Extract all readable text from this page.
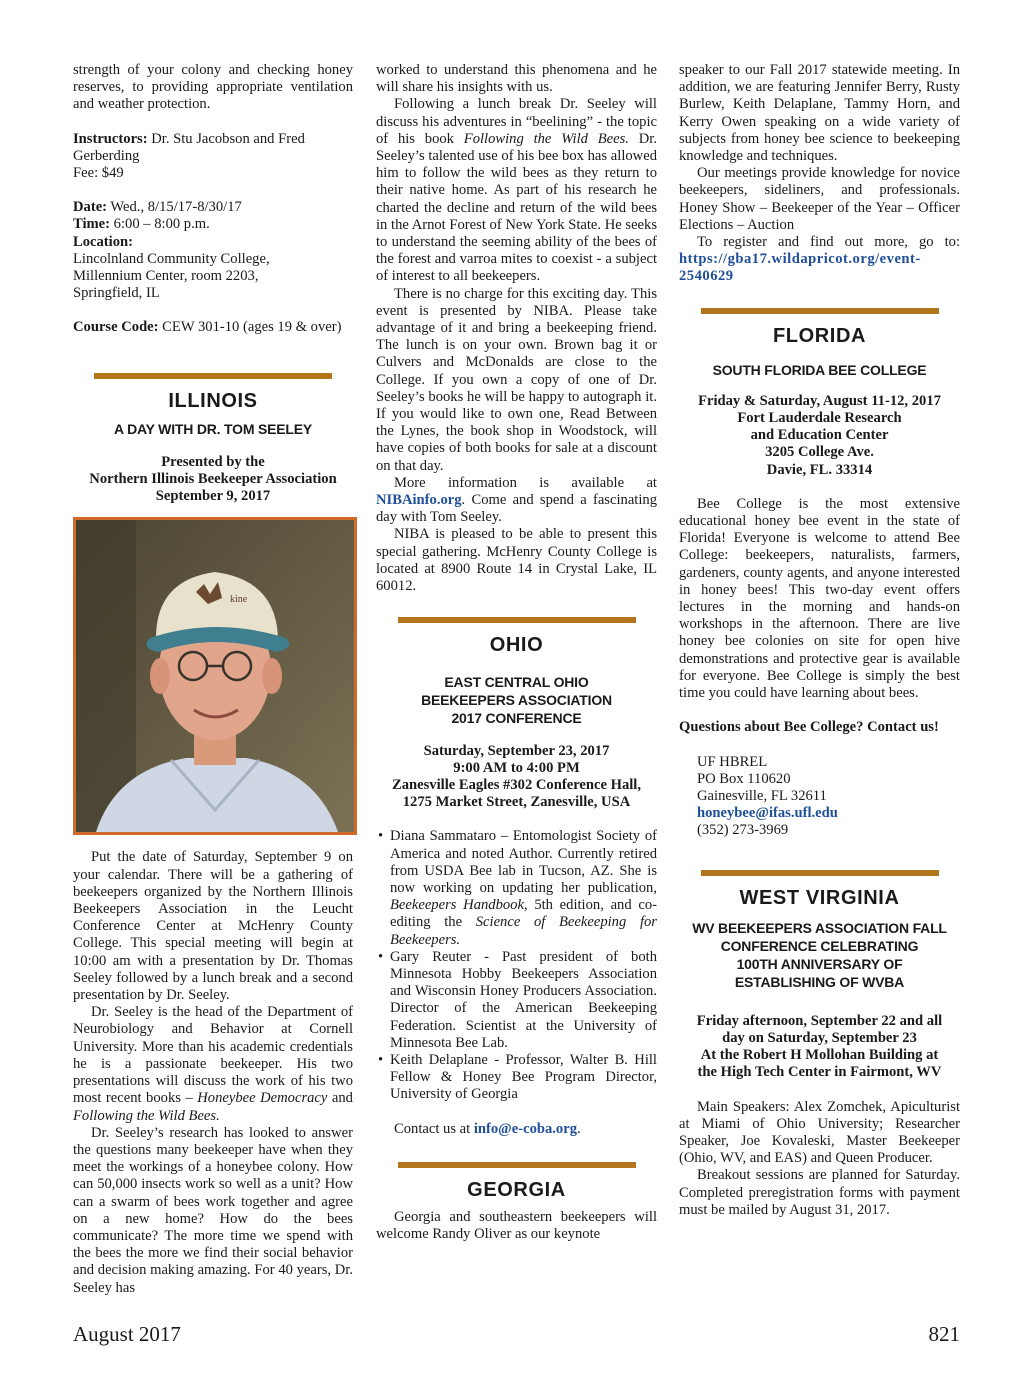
strength of your colony and checking honey reserves, to providing appropriate ventilation and weather protection.

Instructors: Dr. Stu Jacobson and Fred Gerberding

Fee: $49

Date: Wed., 8/15/17-8/30/17

Time: 6:00 – 8:00 p.m.

Location:

Lincolnland Community College,

Millennium Center, room 2203,

Springfield, IL

Course Code: CEW 301-10 (ages 19 & over)

ILLINOIS
A DAY WITH DR. TOM SEELEY
Presented by the
Northern Illinois Beekeeper Association
September 9, 2017
kine

Put the date of Saturday, September 9 on your calendar. There will be a gathering of beekeepers organized by the Northern Illinois Beekeepers Association in the Leucht Conference Center at McHenry County College. This special meeting will begin at 10:00 am with a presentation by Dr. Thomas Seeley followed by a lunch break and a second presentation by Dr. Seeley.

Dr. Seeley is the head of the Department of Neurobiology and Behavior at Cornell University. More than his academic credentials he is a passionate beekeeper. His two presentations will discuss the work of his two most recent books – Honeybee Democracy and Following the Wild Bees.

Dr. Seeley’s research has looked to answer the questions many beekeeper have when they meet the workings of a honeybee colony. How can 50,000 insects work so well as a unit? How can a swarm of bees work together and agree on a new home? How do the bees communicate? The more time we spend with the bees the more we find their social behavior and decision making amazing. For 40 years, Dr. Seeley has

worked to understand this phenomena and he will share his insights with us.

Following a lunch break Dr. Seeley will discuss his adventures in “beelining” - the topic of his book Following the Wild Bees. Dr. Seeley’s talented use of his bee box has allowed him to follow the wild bees as they return to their native home. As part of his research he charted the decline and return of the wild bees in the Arnot Forest of New York State. He seeks to understand the seeming ability of the bees of the forest and varroa mites to coexist - a subject of interest to all beekeepers.

There is no charge for this exciting day. This event is presented by NIBA. Please take advantage of it and bring a beekeeping friend. The lunch is on your own. Brown bag it or Culvers and McDonalds are close to the College. If you own a copy of one of Dr. Seeley’s books he will be happy to autograph it. If you would like to own one, Read Between the Lynes, the book shop in Woodstock, will have copies of both books for sale at a discount on that day.

More information is available at NIBAinfo.org. Come and spend a fascinating day with Tom Seeley.

NIBA is pleased to be able to present this special gathering. McHenry County College is located at 8900 Route 14 in Crystal Lake, IL 60012.

OHIO
EAST CENTRAL OHIO
BEEKEEPERS ASSOCIATION
2017 CONFERENCE
Saturday, September 23, 2017
9:00 AM to 4:00 PM
Zanesville Eagles #302 Conference Hall,
1275 Market Street, Zanesville, USA
• Diana Sammataro – Entomologist Society of America and noted Author. Currently retired from USDA Bee lab in Tucson, AZ. She is now working on updating her publication, Beekeepers Handbook, 5th edition, and co-editing the Science of Beekeeping for Beekeepers.
• Gary Reuter - Past president of both Minnesota Hobby Beekeepers Association and Wisconsin Honey Producers Association. Director of the American Beekeeping Federation. Scientist at the University of Minnesota Bee Lab.
• Keith Delaplane - Professor, Walter B. Hill Fellow & Honey Bee Program Director, University of Georgia

Contact us at info@e-coba.org.

GEORGIA

Georgia and southeastern beekeepers will welcome Randy Oliver as our keynote

speaker to our Fall 2017 statewide meeting. In addition, we are featuring Jennifer Berry, Rusty Burlew, Keith Delaplane, Tammy Horn, and Kerry Owen speaking on a wide variety of subjects from honey bee science to beekeeping knowledge and techniques.

Our meetings provide knowledge for novice beekeepers, sideliners, and professionals. Honey Show – Beekeeper of the Year – Officer Elections – Auction

To register and find out more, go to: https://gba17.wildapricot.org/event-2540629

FLORIDA
SOUTH FLORIDA BEE COLLEGE
Friday & Saturday, August 11-12, 2017
Fort Lauderdale Research
and Education Center
3205 College Ave.
Davie, FL. 33314

Bee College is the most extensive educational honey bee event in the state of Florida! Everyone is welcome to attend Bee College: beekeepers, naturalists, farmers, gardeners, county agents, and anyone interested in honey bees! This two-day event offers lectures in the morning and hands-on workshops in the afternoon. There are live honey bee colonies on site for open hive demonstrations and protective gear is available for everyone. Bee College is simply the best time you could have learning about bees.

Questions about Bee College? Contact us!

UF HBREL

PO Box 110620

Gainesville, FL 32611

honeybee@ifas.ufl.edu

(352) 273-3969

WEST VIRGINIA
WV BEEKEEPERS ASSOCIATION FALL
CONFERENCE CELEBRATING
100TH ANNIVERSARY OF
ESTABLISHING OF WVBA
Friday afternoon, September 22 and all
day on Saturday, September 23
At the Robert H Mollohan Building at
the High Tech Center in Fairmont, WV

Main Speakers: Alex Zomchek, Apiculturist at Miami of Ohio University; Researcher Speaker, Joe Kovaleski, Master Beekeeper (Ohio, WV, and EAS) and Queen Producer.

Breakout sessions are planned for Saturday. Completed preregistration forms with payment must be mailed by August 31, 2017.

August 2017	821
